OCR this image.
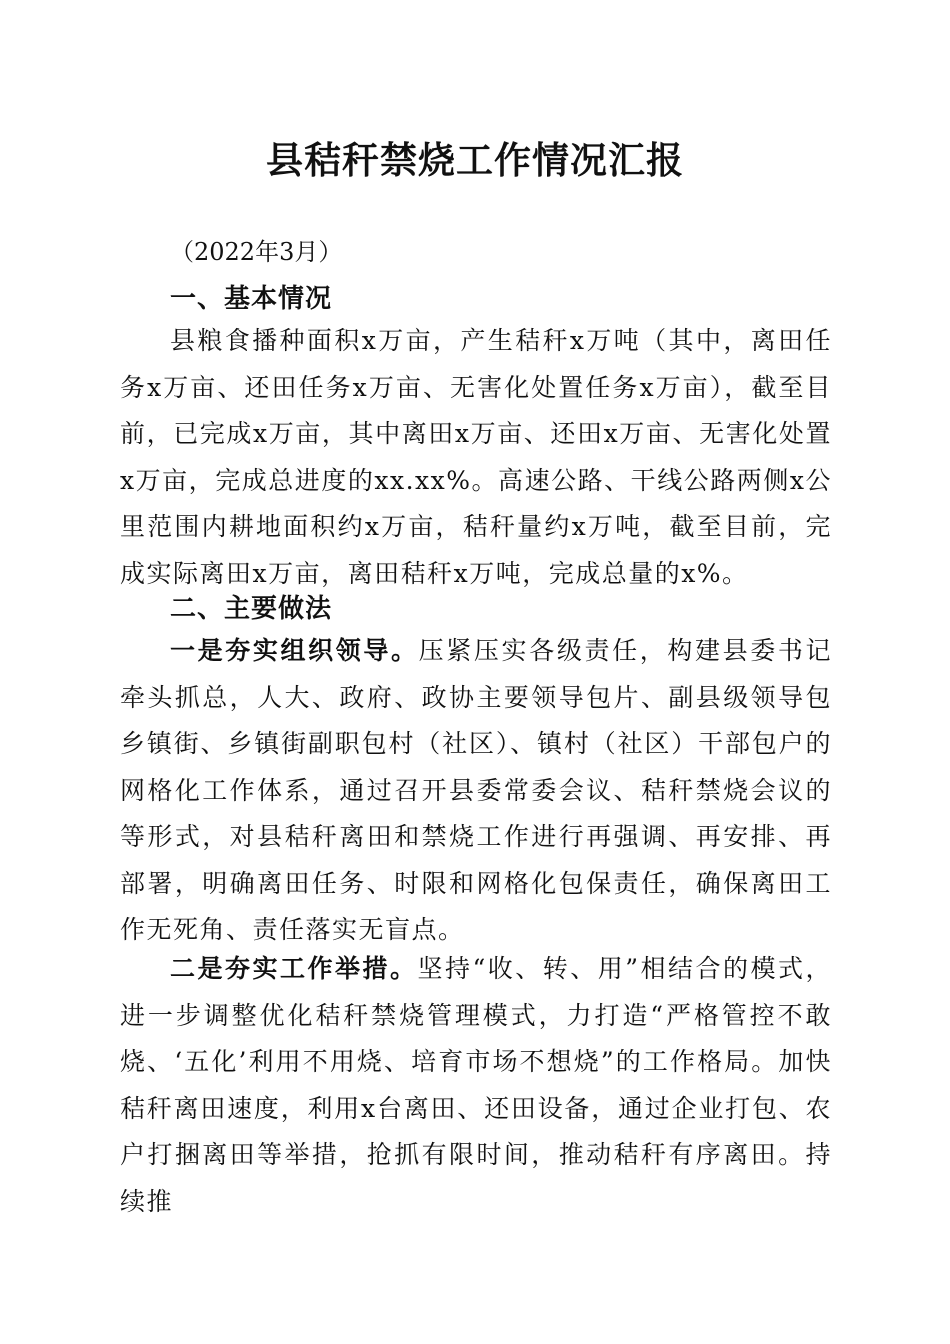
县秸秆禁烧工作情况汇报
（2022年3月）
一、基本情况
县粮食播种面积x万亩，产生秸秆x万吨（其中，离田任务x万亩、还田任务x万亩、无害化处置任务x万亩），截至目前，已完成x万亩，其中离田x万亩、还田x万亩、无害化处置x万亩，完成总进度的xx.xx%。高速公路、干线公路两侧x公里范围内耕地面积约x万亩，秸秆量约x万吨，截至目前，完成实际离田x万亩，离田秸秆x万吨，完成总量的x%。
二、主要做法
一是夯实组织领导。压紧压实各级责任，构建县委书记牵头抓总，人大、政府、政协主要领导包片、副县级领导包乡镇街、乡镇街副职包村（社区）、镇村（社区）干部包户的网格化工作体系，通过召开县委常委会议、秸秆禁烧会议的等形式，对县秸秆离田和禁烧工作进行再强调、再安排、再部署，明确离田任务、时限和网格化包保责任，确保离田工作无死角、责任落实无盲点。
二是夯实工作举措。坚持“收、转、用”相结合的模式，进一步调整优化秸秆禁烧管理模式，力打造“严格管控不敢烧、‘五化’利用不用烧、培育市场不想烧”的工作格局。加快秸秆离田速度，利用x台离田、还田设备，通过企业打包、农户打捆离田等举措，抢抓有限时间，推动秸秆有序离田。持续推
